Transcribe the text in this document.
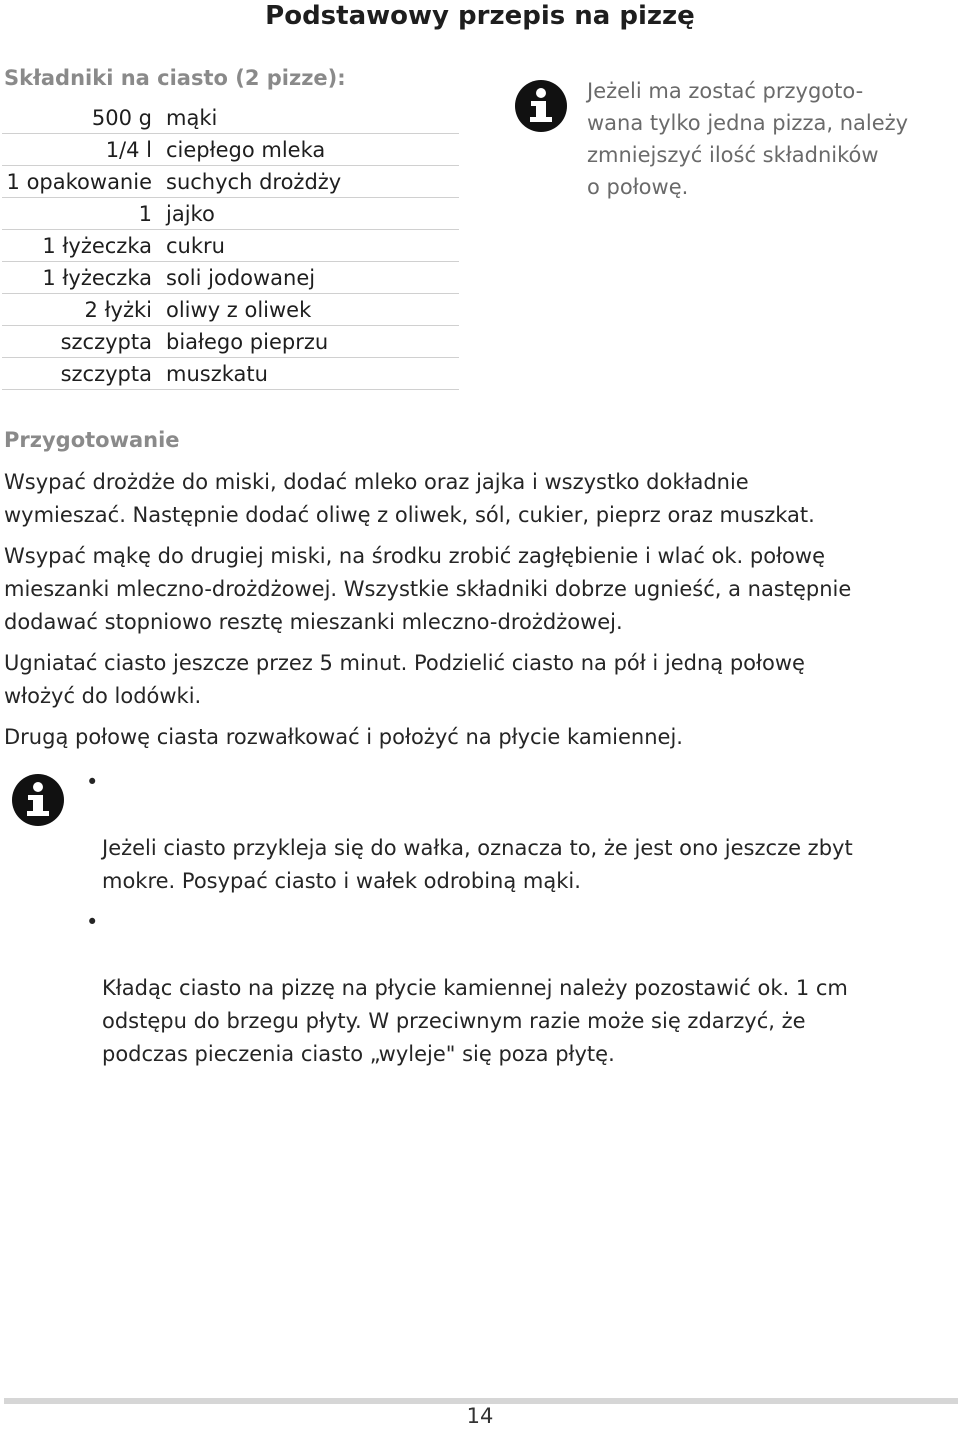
Podstawowy przepis na pizzę
Składniki na ciasto (2 pizze):
500 g	mąki
1/4 l	ciepłego mleka
1 opakowanie	suchych drożdży
1	jajko
1 łyżeczka	cukru
1 łyżeczka	soli jodowanej
2 łyżki	oliwy z oliwek
szczypta	białego pieprzu
szczypta	muszkatu

Jeżeli ma zostać przygoto-
wana tylko jedna pizza, należy
zmniejszyć ilość składników
o połowę.

Przygotowanie

Wsypać drożdże do miski, dodać mleko oraz jajka i wszystko dokładnie
wymieszać. Następnie dodać oliwę z oliwek, sól, cukier, pieprz oraz muszkat.

Wsypać mąkę do drugiej miski, na środku zrobić zagłębienie i wlać ok. połowę
mieszanki mleczno-drożdżowej. Wszystkie składniki dobrze ugnieść, a następnie
dodawać stopniowo resztę mieszanki mleczno-drożdżowej.

Ugniatać ciasto jeszcze przez 5 minut. Podzielić ciasto na pół i jedną połowę
włożyć do lodówki.

Drugą połowę ciasta rozwałkować i położyć na płycie kamiennej.

•

Jeżeli ciasto przykleja się do wałka, oznacza to, że jest ono jeszcze zbyt
mokre. Posypać ciasto i wałek odrobiną mąki.

•

Kładąc ciasto na pizzę na płycie kamiennej należy pozostawić ok. 1 cm
odstępu do brzegu płyty. W przeciwnym razie może się zdarzyć, że
podczas pieczenia ciasto „wyleje" się poza płytę.

14
